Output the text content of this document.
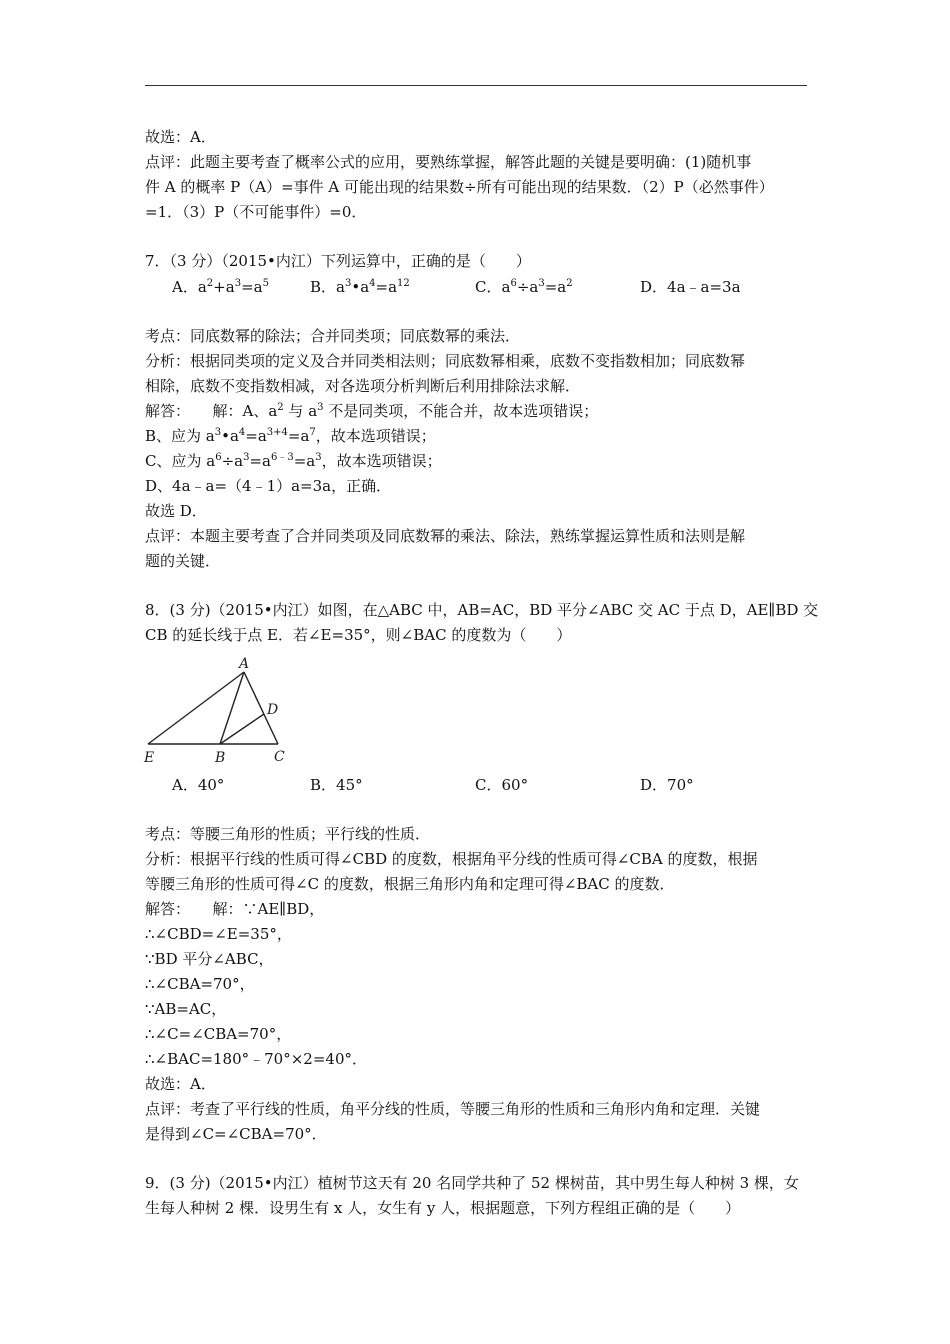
故选：A．
点评：此题主要考查了概率公式的应用，要熟练掌握，解答此题的关键是要明确：(1)随机事
件 A 的概率 P（A）=事件 A 可能出现的结果数÷所有可能出现的结果数．（2）P（必然事件）
=1．（3）P（不可能事件）=0．
7．（3 分）（2015•内江）下列运算中，正确的是（　　）
A．$a^2+a^3=a^5$	B．$a^3•a^4=a^{12}$	C．$a^6\div a^3=a^2$	D．4a﹣a=3a
考点：同底数幂的除法；合并同类项；同底数幂的乘法．
分析：根据同类项的定义及合并同类相法则；同底数幂相乘，底数不变指数相加；同底数幂
相除，底数不变指数相减，对各选项分析判断后利用排除法求解．
解答：　　解：A、$a^2$ 与 $a^3$ 不是同类项，不能合并，故本选项错误；
B、应为 $a^3•a^4=a^{3+4}=a^7$，故本选项错误；
C、应为 $a^6\div a^3=a^{6﹣3}=a^3$，故本选项错误；
D、4a﹣a=（4﹣1）a=3a，正确．
故选 D．
点评：本题主要考查了合并同类项及同底数幂的乘法、除法，熟练掌握运算性质和法则是解
题的关键．
8．(3 分)（2015•内江）如图，在△ABC 中，AB=AC，BD 平分∠ABC 交 AC 于点 D，AE∥BD 交
CB 的延长线于点 E．若∠E=35°，则∠BAC 的度数为（　　）
A
D
E	B	C
A．40°	B．45°	C．60°	D．70°
考点：等腰三角形的性质；平行线的性质．
分析：根据平行线的性质可得∠CBD 的度数，根据角平分线的性质可得∠CBA 的度数，根据
等腰三角形的性质可得∠C 的度数，根据三角形内角和定理可得∠BAC 的度数．
解答：　　解：∵AE∥BD，
∴∠CBD=∠E=35°，
∵BD 平分∠ABC，
∴∠CBA=70°，
∵AB=AC，
∴∠C=∠CBA=70°，
∴∠BAC=180°﹣70°×2=40°．
故选：A．
点评：考查了平行线的性质，角平分线的性质，等腰三角形的性质和三角形内角和定理．关键
是得到∠C=∠CBA=70°．
9．(3 分)（2015•内江）植树节这天有 20 名同学共种了 52 棵树苗，其中男生每人种树 3 棵，女
生每人种树 2 棵．设男生有 x 人，女生有 y 人，根据题意，下列方程组正确的是（　　）
